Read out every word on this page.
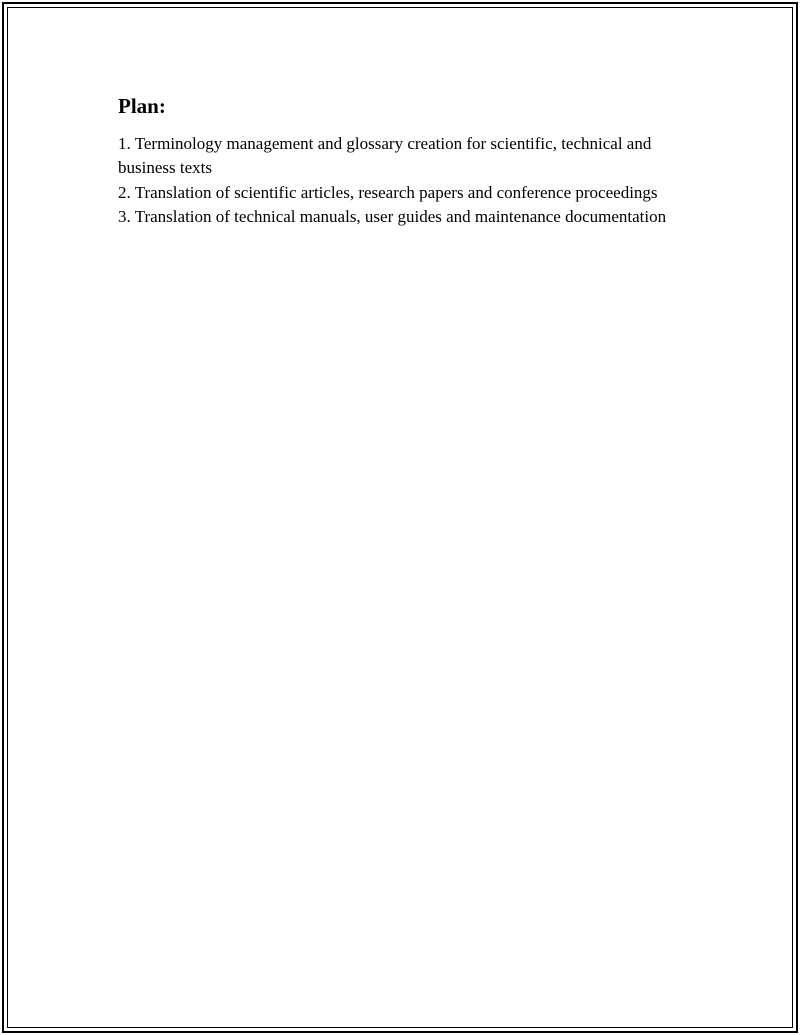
Plan:
1. Terminology management and glossary creation for scientific, technical and business texts
2. Translation of scientific articles, research papers and conference proceedings
3. Translation of technical manuals, user guides and maintenance documentation
